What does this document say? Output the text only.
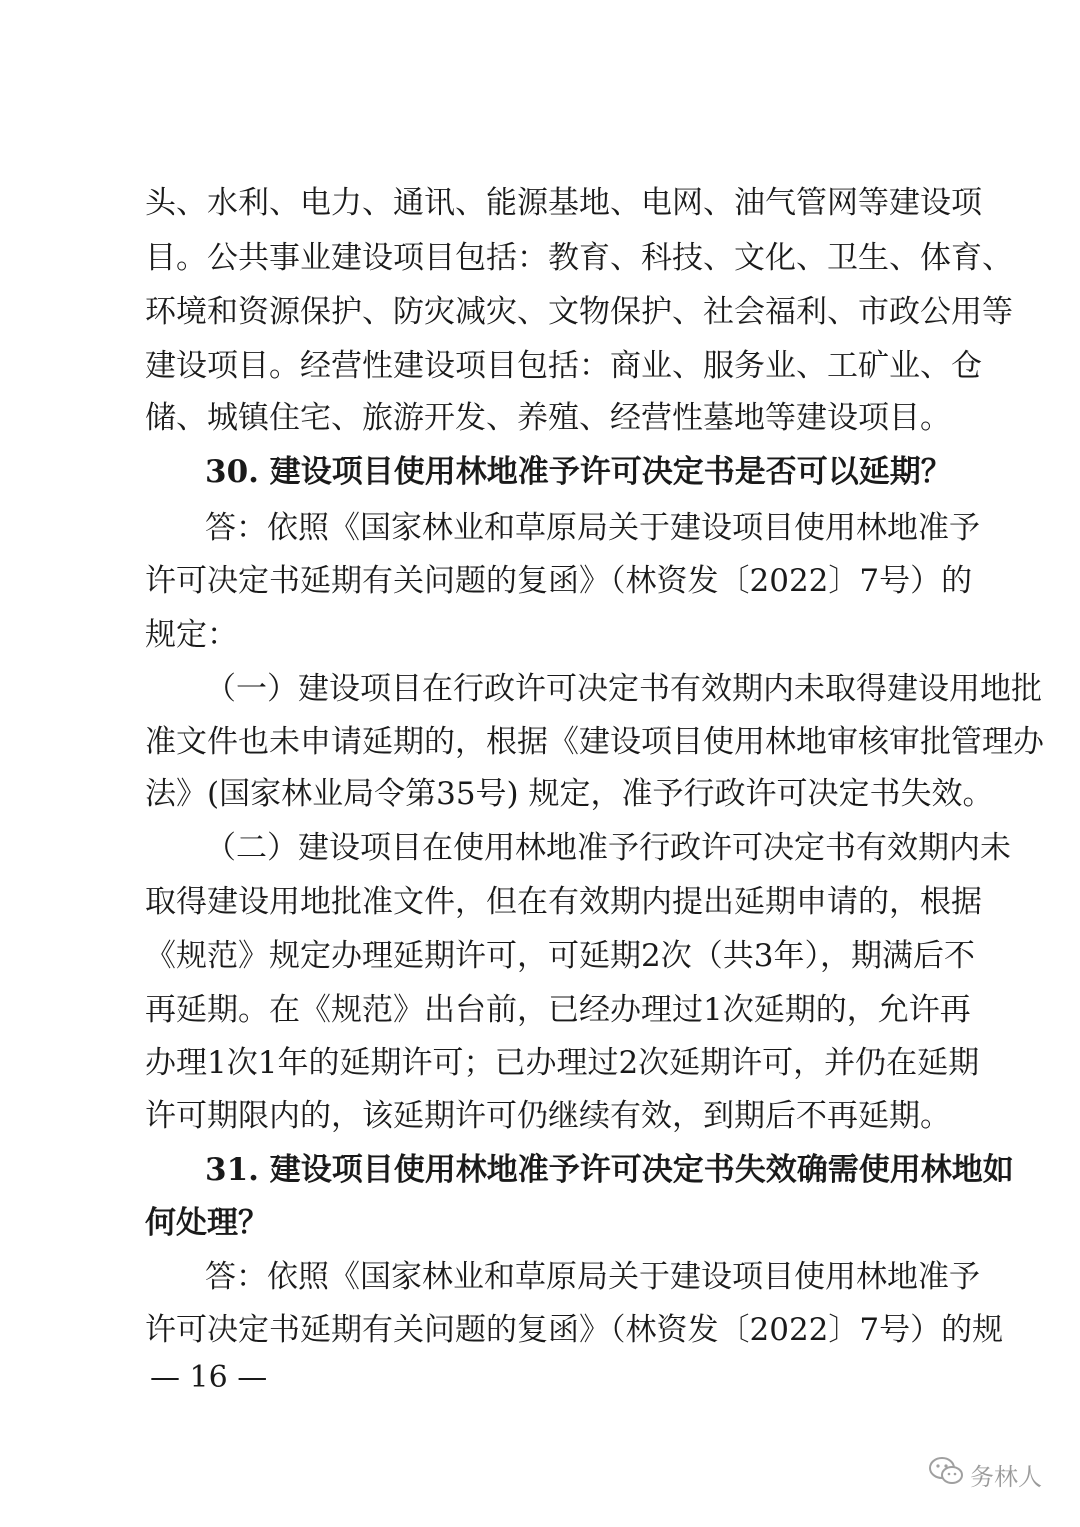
头、水利、电力、通讯、能源基地、电网、油气管网等建设项
目。公共事业建设项目包括：教育、科技、文化、卫生、体育、
环境和资源保护、防灾减灾、文物保护、社会福利、市政公用等
建设项目。经营性建设项目包括：商业、服务业、工矿业、仓
储、城镇住宅、旅游开发、养殖、经营性墓地等建设项目。
30. 建设项目使用林地准予许可决定书是否可以延期？
答：依照《国家林业和草原局关于建设项目使用林地准予
许可决定书延期有关问题的复函》（林资发〔2022〕7号）的
规定：
（一）建设项目在行政许可决定书有效期内未取得建设用地批
准文件也未申请延期的，根据《建设项目使用林地审核审批管理办
法》(国家林业局令第35号) 规定，准予行政许可决定书失效。
（二）建设项目在使用林地准予行政许可决定书有效期内未
取得建设用地批准文件，但在有效期内提出延期申请的，根据
《规范》规定办理延期许可，可延期2次（共3年），期满后不
再延期。在《规范》出台前，已经办理过1次延期的，允许再
办理1次1年的延期许可；已办理过2次延期许可，并仍在延期
许可期限内的，该延期许可仍继续有效，到期后不再延期。
31. 建设项目使用林地准予许可决定书失效确需使用林地如
何处理？
答：依照《国家林业和草原局关于建设项目使用林地准予
许可决定书延期有关问题的复函》（林资发〔2022〕7号）的规
— 16 —
务林人
